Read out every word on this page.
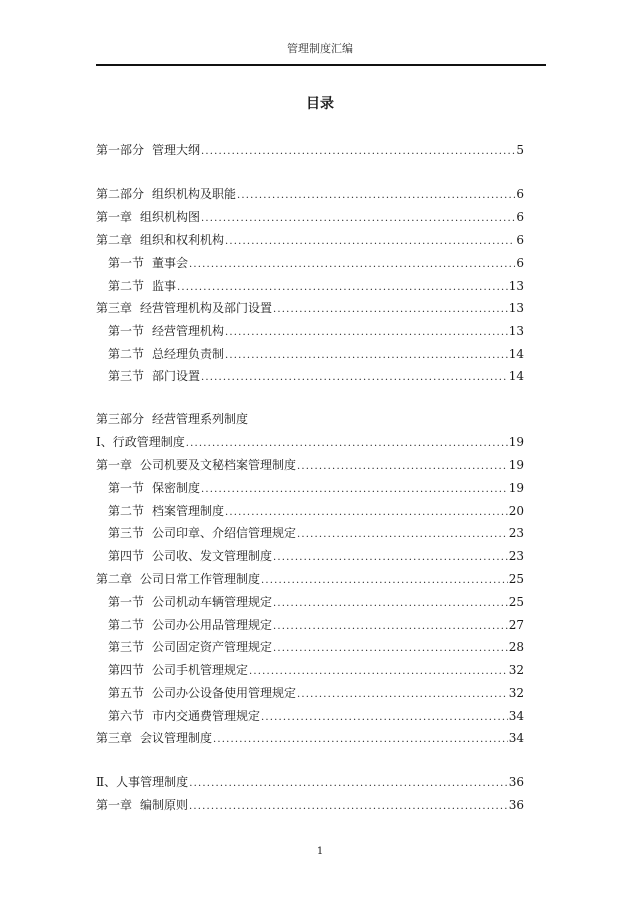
管理制度汇编
目录
第一部分 管理大纲 .....	5
第二部分 组织机构及职能 .....	6
第一章 组织机构图 .....	6
第二章 组织和权利机构 .....	6
第一节 董事会 .....	6
第二节 监事 .....	13
第三章 经营管理机构及部门设置 .....	13
第一节 经营管理机构 .....	13
第二节 总经理负责制 .....	14
第三节 部门设置 .....	14
第三部分 经营管理系列制度
Ⅰ、 行政管理制度 .....	19
第一章 公司机要及文秘档案管理制度 .....	19
第一节 保密制度 .....	19
第二节 档案管理制度 .....	20
第三节 公司印章、介绍信管理规定 .....	23
第四节 公司收、发文管理制度 .....	23
第二章 公司日常工作管理制度 .....	25
第一节 公司机动车辆管理规定 .....	25
第二节 公司办公用品管理规定 .....	27
第三节 公司固定资产管理规定 .....	28
第四节 公司手机管理规定 .....	32
第五节 公司办公设备使用管理规定 .....	32
第六节 市内交通费管理规定 .....	34
第三章 会议管理制度 .....	34
Ⅱ、 人事管理制度 .....	36
第一章 编制原则 .....	36
1
